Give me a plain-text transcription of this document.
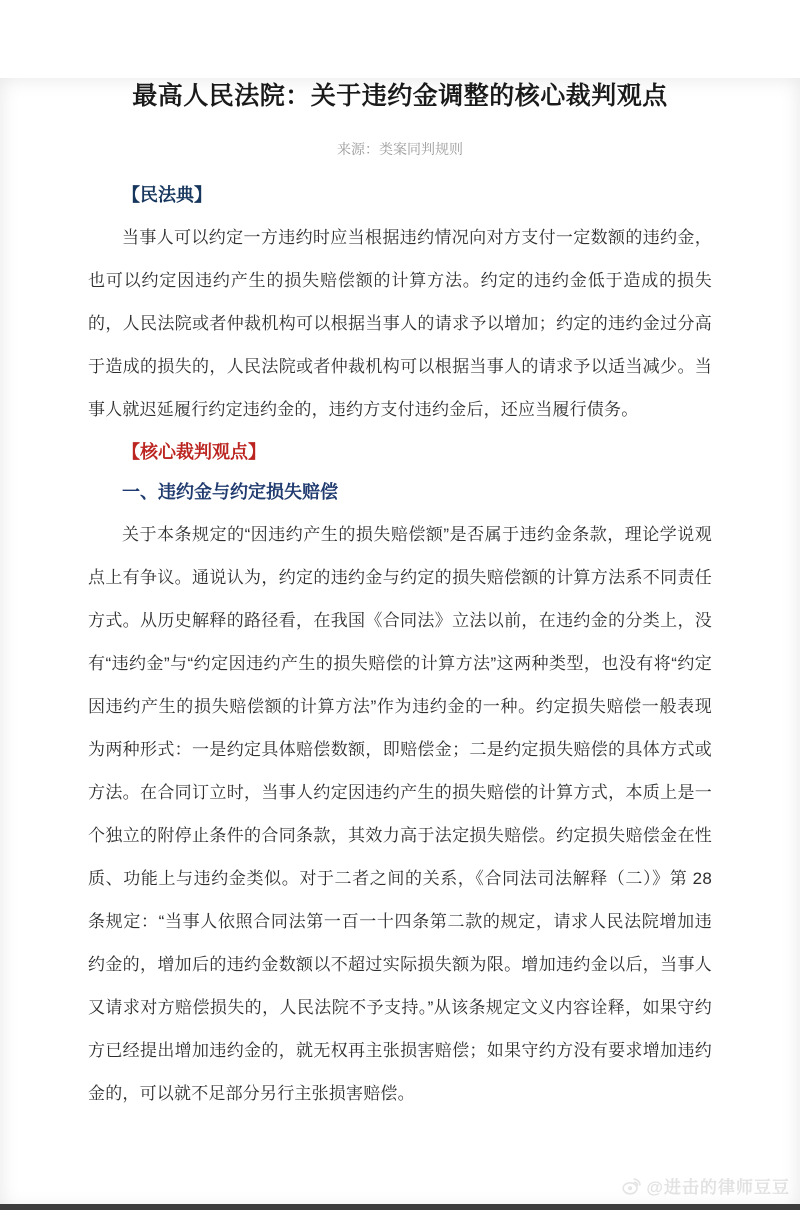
最高人民法院：关于违约金调整的核心裁判观点
来源：类案同判规则
【民法典】

当事人可以约定一方违约时应当根据违约情况向对方支付一定数额的违约金，也可以约定因违约产生的损失赔偿额的计算方法。约定的违约金低于造成的损失的，人民法院或者仲裁机构可以根据当事人的请求予以增加；约定的违约金过分高于造成的损失的，人民法院或者仲裁机构可以根据当事人的请求予以适当减少。当事人就迟延履行约定违约金的，违约方支付违约金后，还应当履行债务。

【核心裁判观点】
一、违约金与约定损失赔偿

关于本条规定的“因违约产生的损失赔偿额”是否属于违约金条款，理论学说观点上有争议。通说认为，约定的违约金与约定的损失赔偿额的计算方法系不同责任方式。从历史解释的路径看，在我国《合同法》立法以前，在违约金的分类上，没有“违约金”与“约定因违约产生的损失赔偿的计算方法”这两种类型，也没有将“约定因违约产生的损失赔偿额的计算方法”作为违约金的一种。约定损失赔偿一般表现为两种形式：一是约定具体赔偿数额，即赔偿金；二是约定损失赔偿的具体方式或方法。在合同订立时，当事人约定因违约产生的损失赔偿的计算方式，本质上是一个独立的附停止条件的合同条款，其效力高于法定损失赔偿。约定损失赔偿金在性质、功能上与违约金类似。对于二者之间的关系，《合同法司法解释（二）》第 28 条规定：“当事人依照合同法第一百一十四条第二款的规定，请求人民法院增加违约金的，增加后的违约金数额以不超过实际损失额为限。增加违约金以后，当事人又请求对方赔偿损失的，人民法院不予支持。”从该条规定文义内容诠释，如果守约方已经提出增加违约金的，就无权再主张损害赔偿；如果守约方没有要求增加违约金的，可以就不足部分另行主张损害赔偿。

@进击的律师豆豆
